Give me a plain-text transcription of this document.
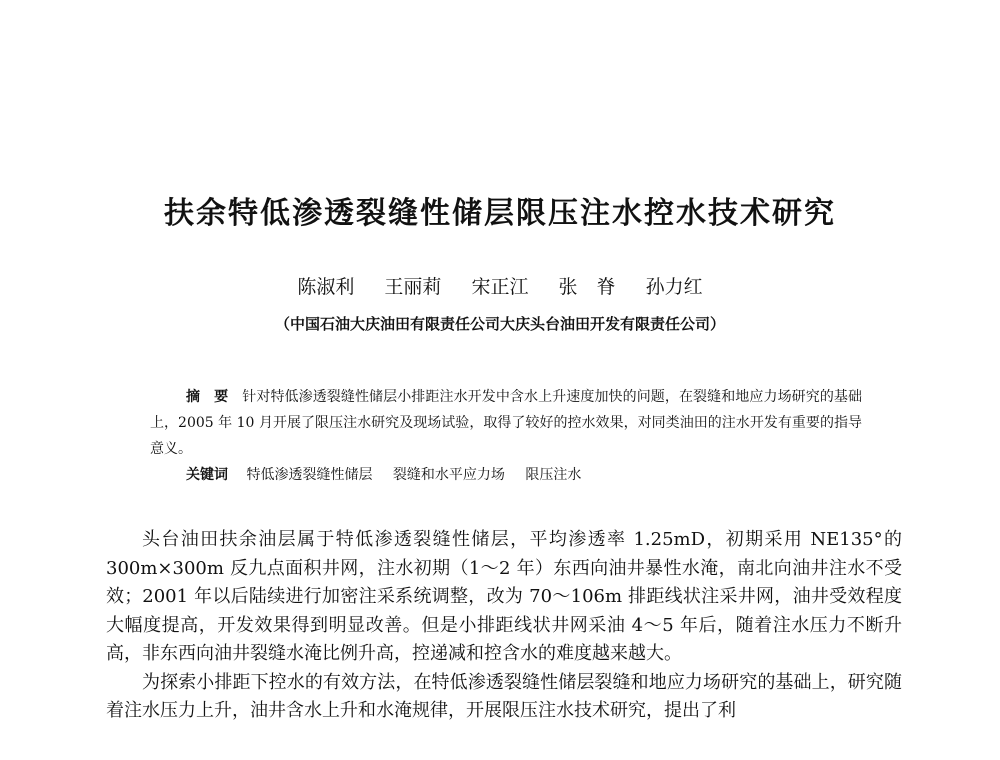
扶余特低渗透裂缝性储层限压注水控水技术研究
陈淑利 王丽莉 宋正江 张　脊 孙力红
（中国石油大庆油田有限责任公司大庆头台油田开发有限责任公司）
摘　要 针对特低渗透裂缝性储层小排距注水开发中含水上升速度加快的问题，在裂缝和地应力场研究的基础上，2005 年 10 月开展了限压注水研究及现场试验，取得了较好的控水效果，对同类油田的注水开发有重要的指导意义。
关键词 特低渗透裂缝性储层 裂缝和水平应力场 限压注水

头台油田扶余油层属于特低渗透裂缝性储层，平均渗透率 1.25mD，初期采用 NE135°的 300m×300m 反九点面积井网，注水初期（1～2 年）东西向油井暴性水淹，南北向油井注水不受效；2001 年以后陆续进行加密注采系统调整，改为 70～106m 排距线状注采井网，油井受效程度大幅度提高，开发效果得到明显改善。但是小排距线状井网采油 4～5 年后，随着注水压力不断升高，非东西向油井裂缝水淹比例升高，控递减和控含水的难度越来越大。

为探索小排距下控水的有效方法，在特低渗透裂缝性储层裂缝和地应力场研究的基础上，研究随着注水压力上升，油井含水上升和水淹规律，开展限压注水技术研究，提出了利
